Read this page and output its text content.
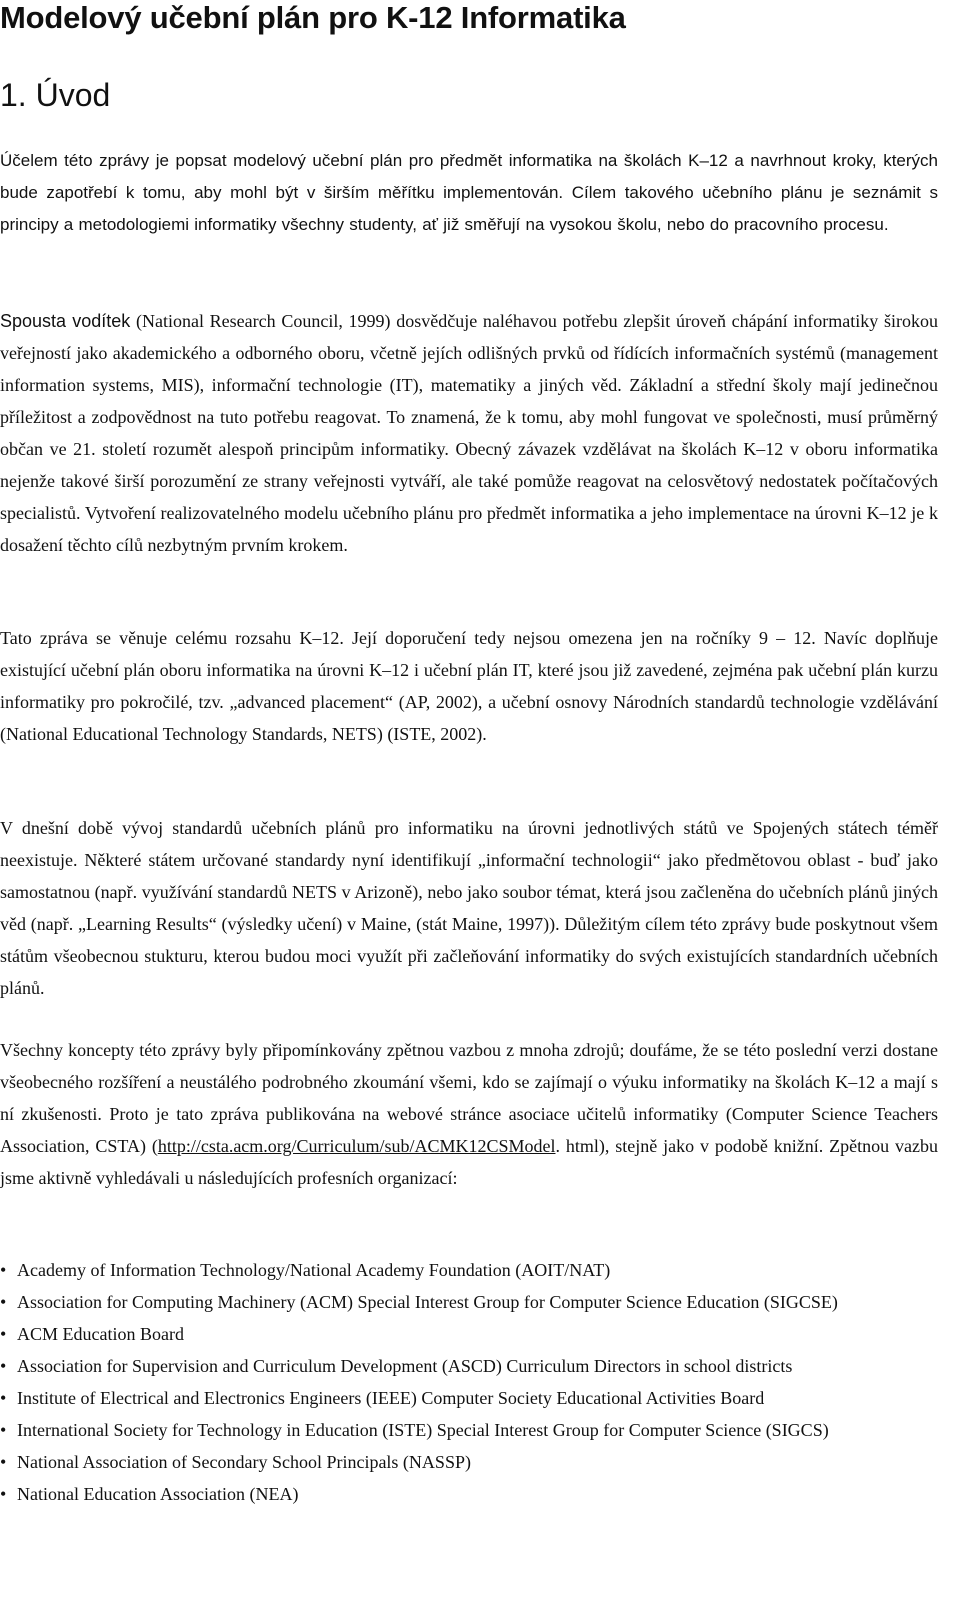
Modelový učební plán pro K-12 Informatika
1. Úvod

Účelem této zprávy je popsat modelový učební plán pro předmět informatika na školách K–12 a navrhnout kroky, kterých bude zapotřebí k tomu, aby mohl být v širším měřítku implementován. Cílem takového učebního plánu je seznámit s principy a metodologiemi informatiky všechny studenty, ať již směřují na vysokou školu, nebo do pracovního procesu.

Spousta vodítek (National Research Council, 1999) dosvědčuje naléhavou potřebu zlepšit úroveň chápání informatiky širokou veřejností jako akademického a odborného oboru, včetně jejích odlišných prvků od řídících informačních systémů (management information systems, MIS), informační technologie (IT), matematiky a jiných věd. Základní a střední školy mají jedinečnou příležitost a zodpovědnost na tuto potřebu reagovat. To znamená, že k tomu, aby mohl fungovat ve společnosti, musí průměrný občan ve 21. století rozumět alespoň principům informatiky. Obecný závazek vzdělávat na školách K–12 v oboru informatika nejenže takové širší porozumění ze strany veřejnosti vytváří, ale také pomůže reagovat na celosvětový nedostatek počítačových specialistů. Vytvoření realizovatelného modelu učebního plánu pro předmět informatika a jeho implementace na úrovni K–12 je k dosažení těchto cílů nezbytným prvním krokem.

Tato zpráva se věnuje celému rozsahu K–12. Její doporučení tedy nejsou omezena jen na ročníky 9 – 12. Navíc doplňuje existující učební plán oboru informatika na úrovni K–12 i učební plán IT, které jsou již zavedené, zejména pak učební plán kurzu informatiky pro pokročilé, tzv. „advanced placement“ (AP, 2002), a učební osnovy Národních standardů technologie vzdělávání (National Educational Technology Standards, NETS) (ISTE, 2002).

V dnešní době vývoj standardů učebních plánů pro informatiku na úrovni jednotlivých států ve Spojených státech téměř neexistuje. Některé státem určované standardy nyní identifikují „informační technologii“ jako předmětovou oblast - buď jako samostatnou (např. využívání standardů NETS v Arizoně), nebo jako soubor témat, která jsou začleněna do učebních plánů jiných věd (např. „Learning Results“ (výsledky učení) v Maine, (stát Maine, 1997)). Důležitým cílem této zprávy bude poskytnout všem státům všeobecnou stukturu, kterou budou moci využít při začleňování informatiky do svých existujících standardních učebních plánů.

Všechny koncepty této zprávy byly připomínkovány zpětnou vazbou z mnoha zdrojů; doufáme, že se této poslední verzi dostane všeobecného rozšíření a neustálého podrobného zkoumání všemi, kdo se zajímají o výuku informatiky na školách K–12 a mají s ní zkušenosti. Proto je tato zpráva publikována na webové stránce asociace učitelů informatiky (Computer Science Teachers Association, CSTA) (http://csta.acm.org/Curriculum/sub/ACMK12CSModel. html), stejně jako v podobě knižní. Zpětnou vazbu jsme aktivně vyhledávali u následujících profesních organizací:

• Academy of Information Technology/National Academy Foundation (AOIT/NAT)
• Association for Computing Machinery (ACM) Special Interest Group for Computer Science Education (SIGCSE)
• ACM Education Board
• Association for Supervision and Curriculum Development (ASCD) Curriculum Directors in school districts
• Institute of Electrical and Electronics Engineers (IEEE) Computer Society Educational Activities Board
• International Society for Technology in Education (ISTE) Special Interest Group for Computer Science (SIGCS)
• National Association of Secondary School Principals (NASSP)
• National Education Association (NEA)
